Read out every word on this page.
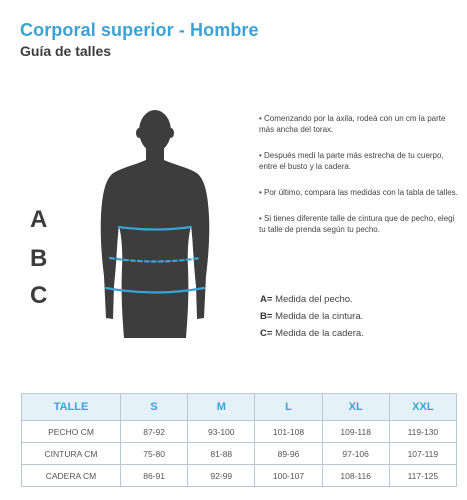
Corporal superior - Hombre
Guía de talles
A
B
C

• Comenzando por la axila, rodeá con un cm la parte más ancha del torax.

• Después medí la parte más estrecha de tu cuerpo, entre el busto y la cadera.

• Por último, compara las medidas con la tabla de talles.

• Si tienes diferente talle de cintura que de pecho, elegi tu talle de prenda según tu pecho.

A= Medida del pecho.
B= Medida de la cintura.
C= Medida de la cadera.
TALLE	S	M	L	XL	XXL
PECHO CM	87-92	93-100	101-108	109-118	119-130
CINTURA CM	75-80	81-88	89-96	97-106	107-119
CADERA CM	86-91	92-99	100-107	108-116	117-125
